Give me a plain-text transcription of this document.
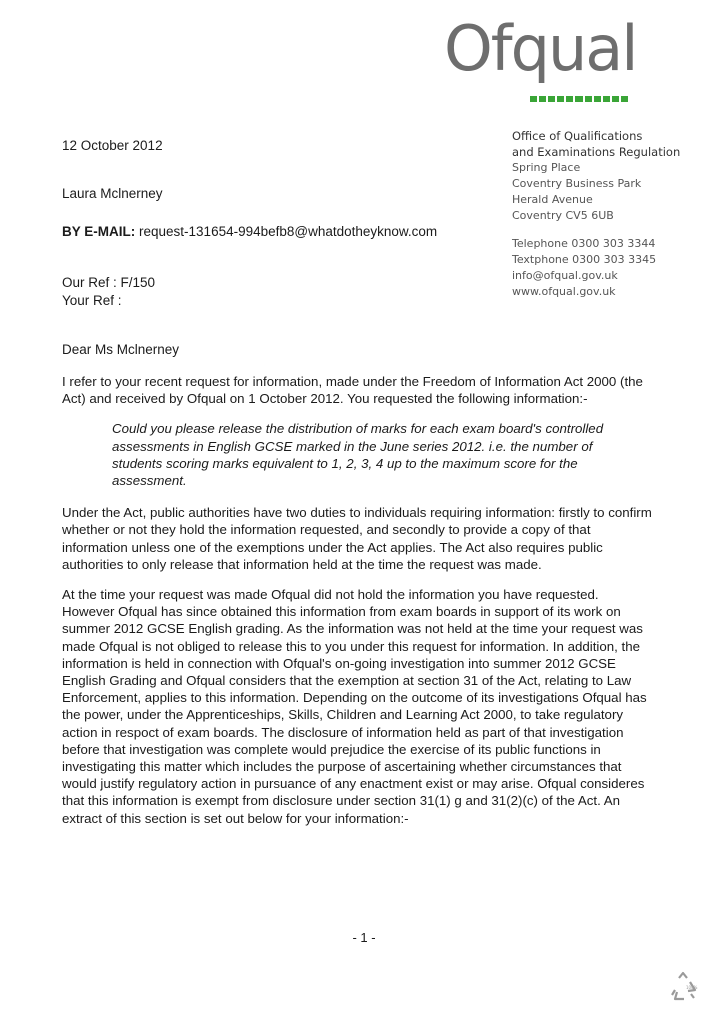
Ofqual
12 October 2012
Office of Qualifications
and Examinations Regulation
Spring Place
Coventry Business Park
Herald Avenue
Coventry CV5 6UB
Telephone 0300 303 3344
Textphone 0300 303 3345
info@ofqual.gov.uk
www.ofqual.gov.uk
Laura Mclnerney
BY E-MAIL: request-131654-994befb8@whatdotheyknow.com
Our Ref : F/150
Your Ref :
Dear Ms Mclnerney

I refer to your recent request for information, made under the Freedom of Information Act 2000 (the Act) and received by Ofqual on 1 October 2012. You requested the following information:-

Could you please release the distribution of marks for each exam board's controlled assessments in English GCSE marked in the June series 2012. i.e. the number of students scoring marks equivalent to 1, 2, 3, 4 up to the maximum score for the assessment.

Under the Act, public authorities have two duties to individuals requiring information: firstly to confirm whether or not they hold the information requested, and secondly to provide a copy of that information unless one of the exemptions under the Act applies. The Act also requires public authorities to only release that information held at the time the request was made.

At the time your request was made Ofqual did not hold the information you have requested. However Ofqual has since obtained this information from exam boards in support of its work on summer 2012 GCSE English grading. As the information was not held at the time your request was made Ofqual is not obliged to release this to you under this request for information. In addition, the information is held in connection with Ofqual's on-going investigation into summer 2012 GCSE English Grading and Ofqual considers that the exemption at section 31 of the Act, relating to Law Enforcement, applies to this information. Depending on the outcome of its investigations Ofqual has the power, under the Apprenticeships, Skills, Children and Learning Act 2000, to take regulatory action in respoct of exam boards. The disclosure of information held as part of that investigation before that investigation was complete would prejudice the exercise of its public functions in investigating this matter which includes the purpose of ascertaining whether circumstances that would justify regulatory action in pursuance of any enactment exist or may arise. Ofqual consideres that this information is exempt from disclosure under section 31(1) g and 31(2)(c) of the Act. An extract of this section is set out below for your information:-

- 1 -
100%
